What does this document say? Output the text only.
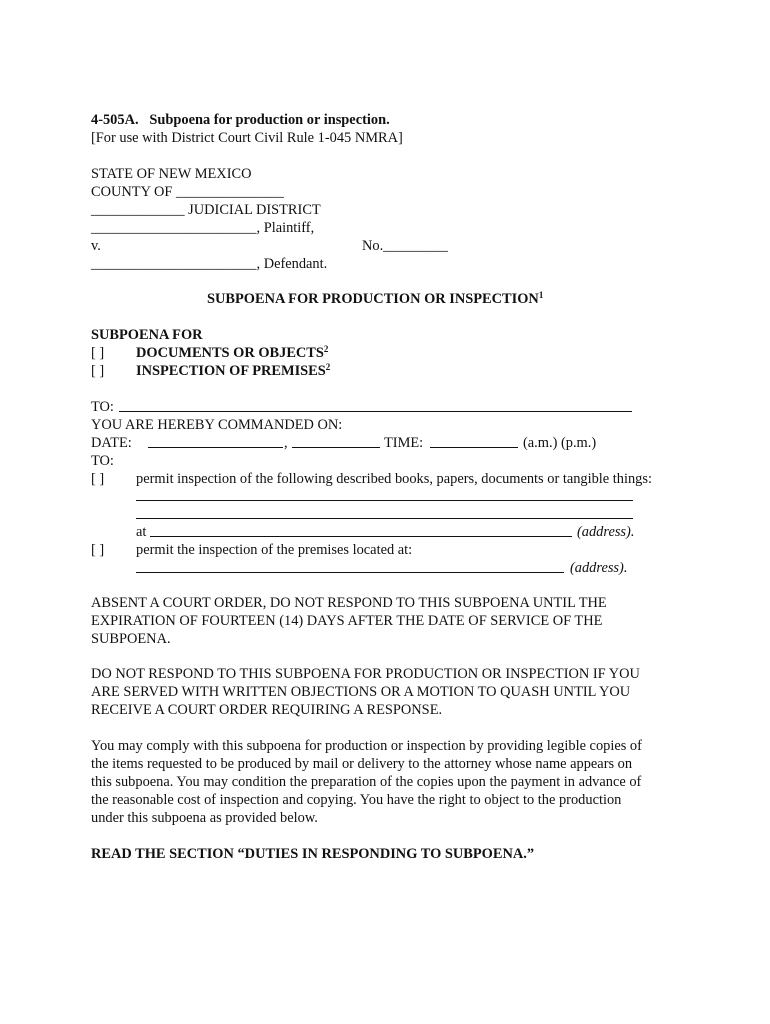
4-505A. Subpoena for production or inspection.
[For use with District Court Civil Rule 1-045 NMRA]
STATE OF NEW MEXICO
COUNTY OF _______________
_____________ JUDICIAL DISTRICT
_______________________, Plaintiff,
v.	No._________
_______________________, Defendant.
SUBPOENA FOR PRODUCTION OR INSPECTION$^1$
SUBPOENA FOR
[ ] DOCUMENTS OR OBJECTS$^2$
[ ] INSPECTION OF PREMISES$^2$
TO:
YOU ARE HEREBY COMMANDED ON:
DATE:	,	TIME:	(a.m.) (p.m.)
TO:
[ ] permit inspection of the following described books, papers, documents or tangible things:
at	(address).
[ ] permit the inspection of the premises located at:
(address).
ABSENT A COURT ORDER, DO NOT RESPOND TO THIS SUBPOENA UNTIL THE
EXPIRATION OF FOURTEEN (14) DAYS AFTER THE DATE OF SERVICE OF THE
SUBPOENA.
DO NOT RESPOND TO THIS SUBPOENA FOR PRODUCTION OR INSPECTION IF YOU
ARE SERVED WITH WRITTEN OBJECTIONS OR A MOTION TO QUASH UNTIL YOU
RECEIVE A COURT ORDER REQUIRING A RESPONSE.
You may comply with this subpoena for production or inspection by providing legible copies of
the items requested to be produced by mail or delivery to the attorney whose name appears on
this subpoena. You may condition the preparation of the copies upon the payment in advance of
the reasonable cost of inspection and copying. You have the right to object to the production
under this subpoena as provided below.
READ THE SECTION “DUTIES IN RESPONDING TO SUBPOENA.”
